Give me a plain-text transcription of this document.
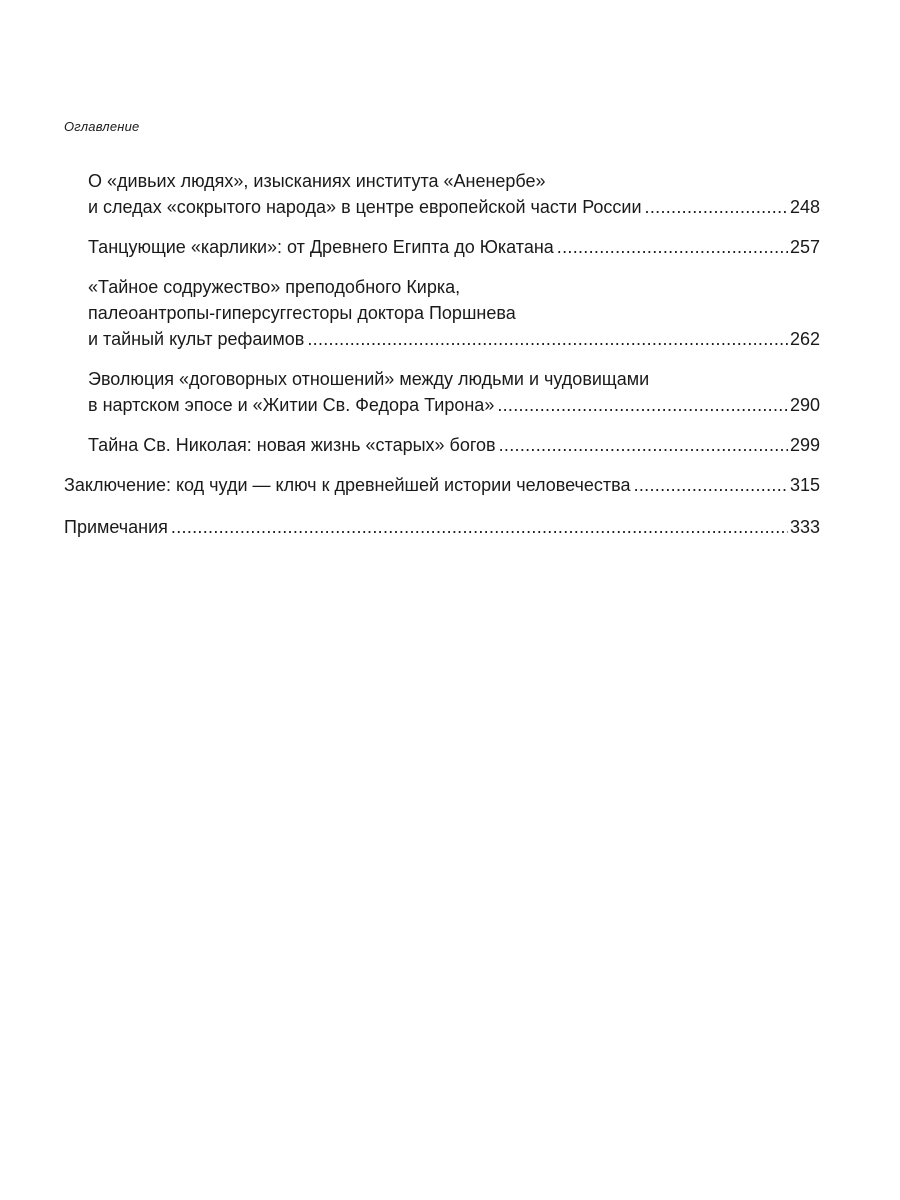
Оглавление
О «дивьих людях», изысканиях института «Аненербе»
и следах «сокрытого народа» в центре европейской части России .....	248
Танцующие «карлики»: от Древнего Египта до Юкатана .....	257
«Тайное содружество» преподобного Кирка,
палеоантропы-гиперсуггесторы доктора Поршнева
и тайный культ рефаимов .....	262
Эволюция «договорных отношений» между людьми и чудовищами
в нартском эпосе и «Житии Св. Федора Тирона» .....	290
Тайна Св. Николая: новая жизнь «старых» богов .....	299
Заключение: код чуди — ключ к древнейшей истории человечества .....	315
Примечания .....	333
